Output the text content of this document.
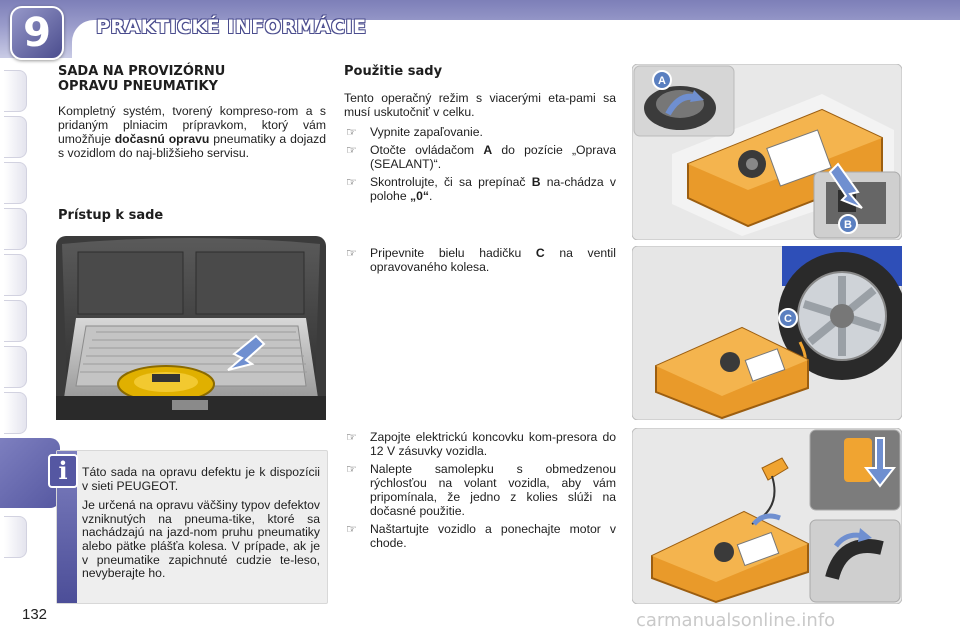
9	PRAKTICKÉ INFORMÁCIE
SADA NA PROVIZÓRNU
OPRAVU PNEUMATIKY

Kompletný systém, tvorený kompreso-rom a s pridaným plniacim prípravkom, ktorý vám umožňuje dočasnú opravu pneumatiky a dojazd s vozidlom do naj-bližšieho servisu.

Prístup k sade
i	Táto sada na opravu defektu je k dispozícii v sieti PEUGEOT.

Je určená na opravu väčšiny typov defektov vzniknutých na pneuma-tike, ktoré sa nachádzajú na jazd-nom pruhu pneumatiky alebo pätke plášťa kolesa. V prípade, ak je v pneumatike zapichnuté cudzie te-leso, nevyberajte ho.

Použitie sady

Tento operačný režim s viacerými eta-pami sa musí uskutočniť v celku.

☞ Vypnite zapaľovanie.
☞ Otočte ovládačom A do pozície „Oprava (SEALANT)“.
☞ Skontrolujte, či sa prepínač B na-chádza v polohe „0“.
☞ Pripevnite bielu hadičku C na ventil opravovaného kolesa.
☞ Zapojte elektrickú koncovku kom-presora do 12 V zásuvky vozidla.
☞ Nalepte samolepku s obmedzenou rýchlosťou na volant vozidla, aby vám pripomínala, že jedno z kolies slúži na dočasné použitie.
☞ Naštartujte vozidlo a ponechajte motor v chode.
A
B
C
132	carmanualsonline.info
